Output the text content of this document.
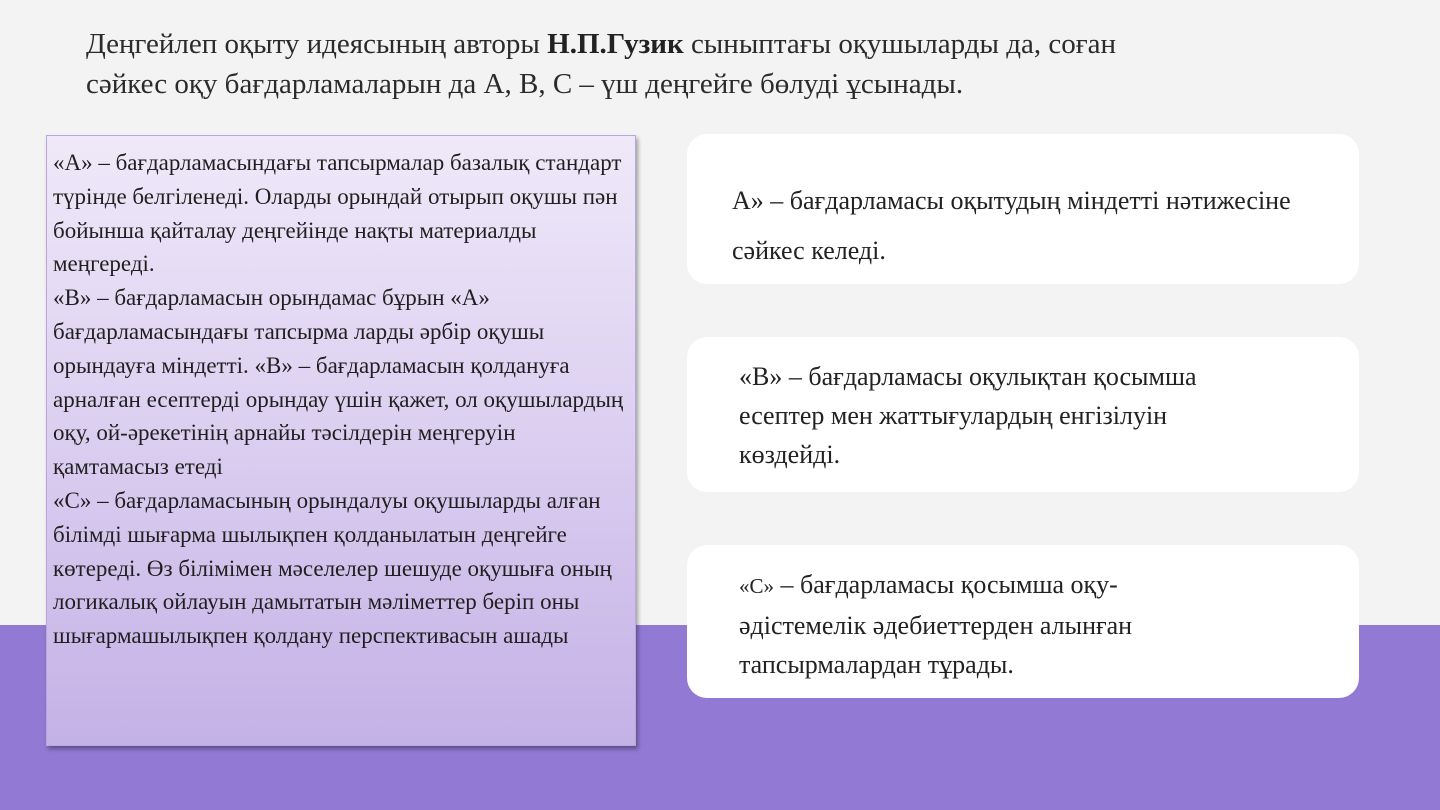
Деңгейлеп оқыту идеясының авторы Н.П.Гузик сыныптағы оқушыларды да, соған
сәйкес оқу бағдарламаларын да А, В, С – үш деңгейге бөлуді ұсынады.

«А» – бағдарламасындағы тапсырмалар базалық стандарт түрінде белгіленеді. Оларды орындай отырып оқушы пән бойынша қайталау деңгейінде нақты материалды меңгереді.

«В» – бағдарламасын орындамас бұрын «А» бағдарламасындағы тапсырма ларды әрбір оқушы орындауға міндетті. «В» – бағдарламасын қолдануға арналған есептерді орындау үшін қажет, ол оқушылардың оқу, ой-әрекетінің арнайы тәсілдерін меңгеруін қамтамасыз етеді

«С» – бағдарламасының орындалуы оқушыларды алған білімді шығарма шылықпен қолданылатын деңгейге көтереді. Өз білімімен мәселелер шешуде оқушыға оның логикалық ойлауын дамытатын мәліметтер беріп оны шығармашылықпен қолдану перспективасын ашады

А» – бағдарламасы оқытудың міндетті нәтижесіне сәйкес келеді.
«В» – бағдарламасы оқулықтан қосымша есептер мен жаттығулардың енгізілуін көздейді.
«С» – бағдарламасы қосымша оқу-әдістемелік әдебиеттерден алынған тапсырмалардан тұрады.
